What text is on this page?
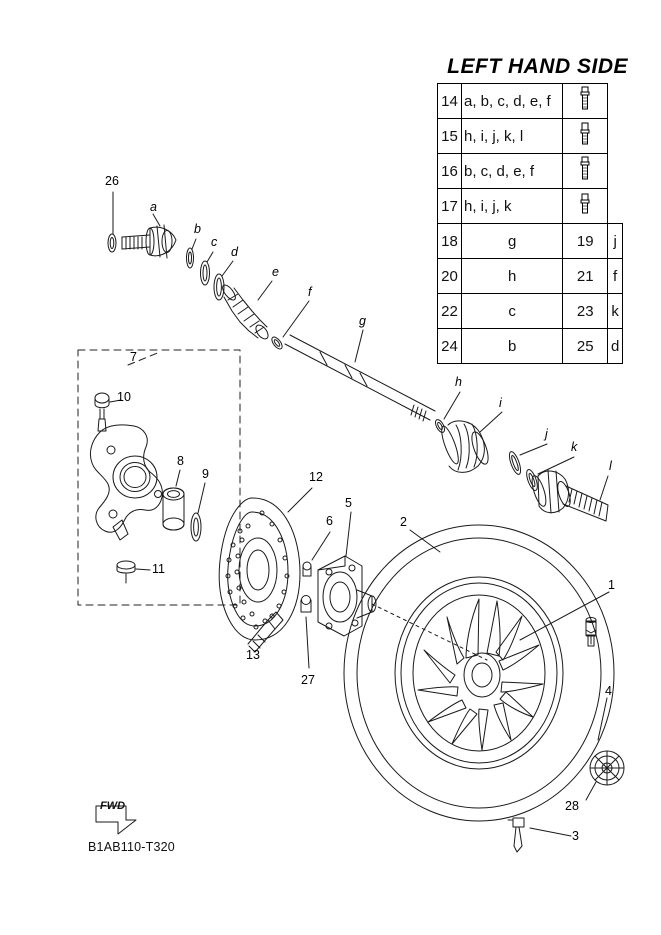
LEFT HAND SIDE
14	a, b, c, d, e, f	
15	h, i, j, k, l	
16	b, c, d, e, f	
17	h, i, j, k	
18	g	19	j
20	h	21	f
22	c	23	k
24	b	25	d
26
a
b
c
d
e
f
g
h
i
j
k
l
7
10
8
9
11
13
12
5
6
27
2
1
4
28
3
FWD
B1AB110-T320
